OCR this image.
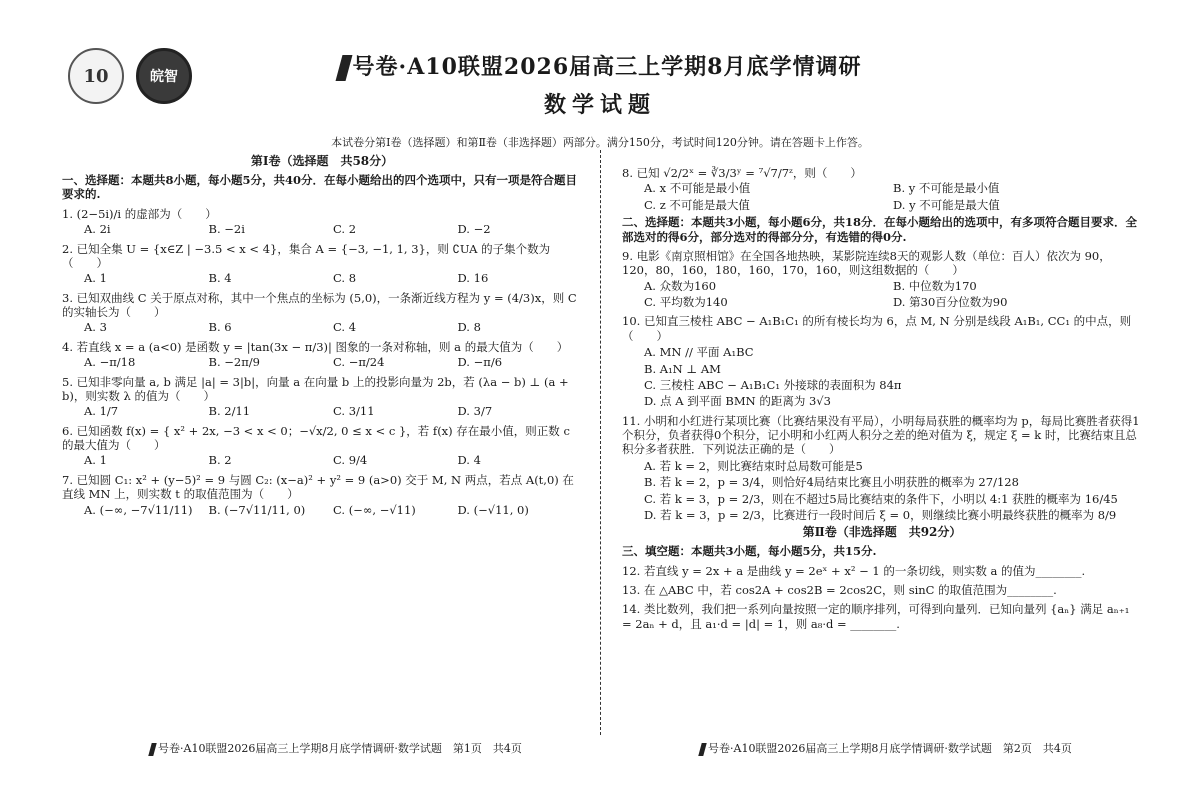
10	皖智	号卷·A10联盟2026届高三上学期8月底学情调研
数学试题
本试卷分第Ⅰ卷（选择题）和第Ⅱ卷（非选择题）两部分。满分150分，考试时间120分钟。请在答题卡上作答。
第Ⅰ卷（选择题　共58分）
一、选择题：本题共8小题，每小题5分，共40分．在每小题给出的四个选项中，只有一项是符合题目要求的.
1. (2−5i)/i 的虚部为（　　）
A. 2i	B. −2i	C. 2	D. −2
2. 已知全集 U = {x∈Z | −3.5 < x < 4}，集合 A = {−3, −1, 1, 3}，则 ∁UA 的子集个数为（　　）
A. 1	B. 4	C. 8	D. 16
3. 已知双曲线 C 关于原点对称，其中一个焦点的坐标为 (5,0)，一条渐近线方程为 y = (4/3)x，则 C 的实轴长为（　　）
A. 3	B. 6	C. 4	D. 8
4. 若直线 x = a (a<0) 是函数 y = |tan(3x − π/3)| 图象的一条对称轴，则 a 的最大值为（　　）
A. −π/18	B. −2π/9	C. −π/24	D. −π/6
5. 已知非零向量 a, b 满足 |a| = 3|b|，向量 a 在向量 b 上的投影向量为 2b，若 (λa − b) ⊥ (a + b)，则实数 λ 的值为（　　）
A. 1/7	B. 2/11	C. 3/11	D. 3/7
6. 已知函数 f(x) = { x² + 2x, −3 < x < 0；−√x/2, 0 ≤ x < c }，若 f(x) 存在最小值，则正数 c 的最大值为（　　）
A. 1	B. 2	C. 9/4	D. 4
7. 已知圆 C₁: x² + (y−5)² = 9 与圆 C₂: (x−a)² + y² = 9 (a>0) 交于 M, N 两点，若点 A(t,0) 在直线 MN 上，则实数 t 的取值范围为（　　）
A. (−∞, −7√11/11)	B. (−7√11/11, 0)	C. (−∞, −√11)	D. (−√11, 0)
8. 已知 √2/2ˣ = ∛3/3ʸ = ⁷√7/7ᶻ，则（　　）
A. x 不可能是最小值	B. y 不可能是最小值
C. z 不可能是最大值	D. y 不可能是最大值
二、选择题：本题共3小题，每小题6分，共18分．在每小题给出的选项中，有多项符合题目要求．全部选对的得6分，部分选对的得部分分，有选错的得0分.
9. 电影《南京照相馆》在全国各地热映，某影院连续8天的观影人数（单位：百人）依次为 90，120，80，160，180，160，170，160，则这组数据的（　　）
A. 众数为160	B. 中位数为170
C. 平均数为140	D. 第30百分位数为90
10. 已知直三棱柱 ABC − A₁B₁C₁ 的所有棱长均为 6，点 M, N 分别是线段 A₁B₁, CC₁ 的中点，则（　　）
A. MN // 平面 A₁BC
B. A₁N ⊥ AM
C. 三棱柱 ABC − A₁B₁C₁ 外接球的表面积为 84π
D. 点 A 到平面 BMN 的距离为 3√3
11. 小明和小红进行某项比赛（比赛结果没有平局），小明每局获胜的概率均为 p，每局比赛胜者获得1个积分，负者获得0个积分，记小明和小红两人积分之差的绝对值为 ξ，规定 ξ = k 时，比赛结束且总积分多者获胜．下列说法正确的是（　　）
A. 若 k = 2，则比赛结束时总局数可能是5
B. 若 k = 2，p = 3/4，则恰好4局结束比赛且小明获胜的概率为 27/128
C. 若 k = 3，p = 2/3，则在不超过5局比赛结束的条件下，小明以 4:1 获胜的概率为 16/45
D. 若 k = 3，p = 2/3，比赛进行一段时间后 ξ = 0，则继续比赛小明最终获胜的概率为 8/9
第Ⅱ卷（非选择题　共92分）
三、填空题：本题共3小题，每小题5分，共15分.
12. 若直线 y = 2x + a 是曲线 y = 2eˣ + x² − 1 的一条切线，则实数 a 的值为________.
13. 在 △ABC 中，若 cos2A + cos2B = 2cos2C，则 sinC 的取值范围为________.
14. 类比数列，我们把一系列向量按照一定的顺序排列，可得到向量列．已知向量列 {aₙ} 满足 aₙ₊₁ = 2aₙ + d，且 a₁·d = |d| = 1，则 a₈·d = ________.
号卷·A10联盟2026届高三上学期8月底学情调研·数学试题　第1页　共4页	号卷·A10联盟2026届高三上学期8月底学情调研·数学试题　第2页　共4页
